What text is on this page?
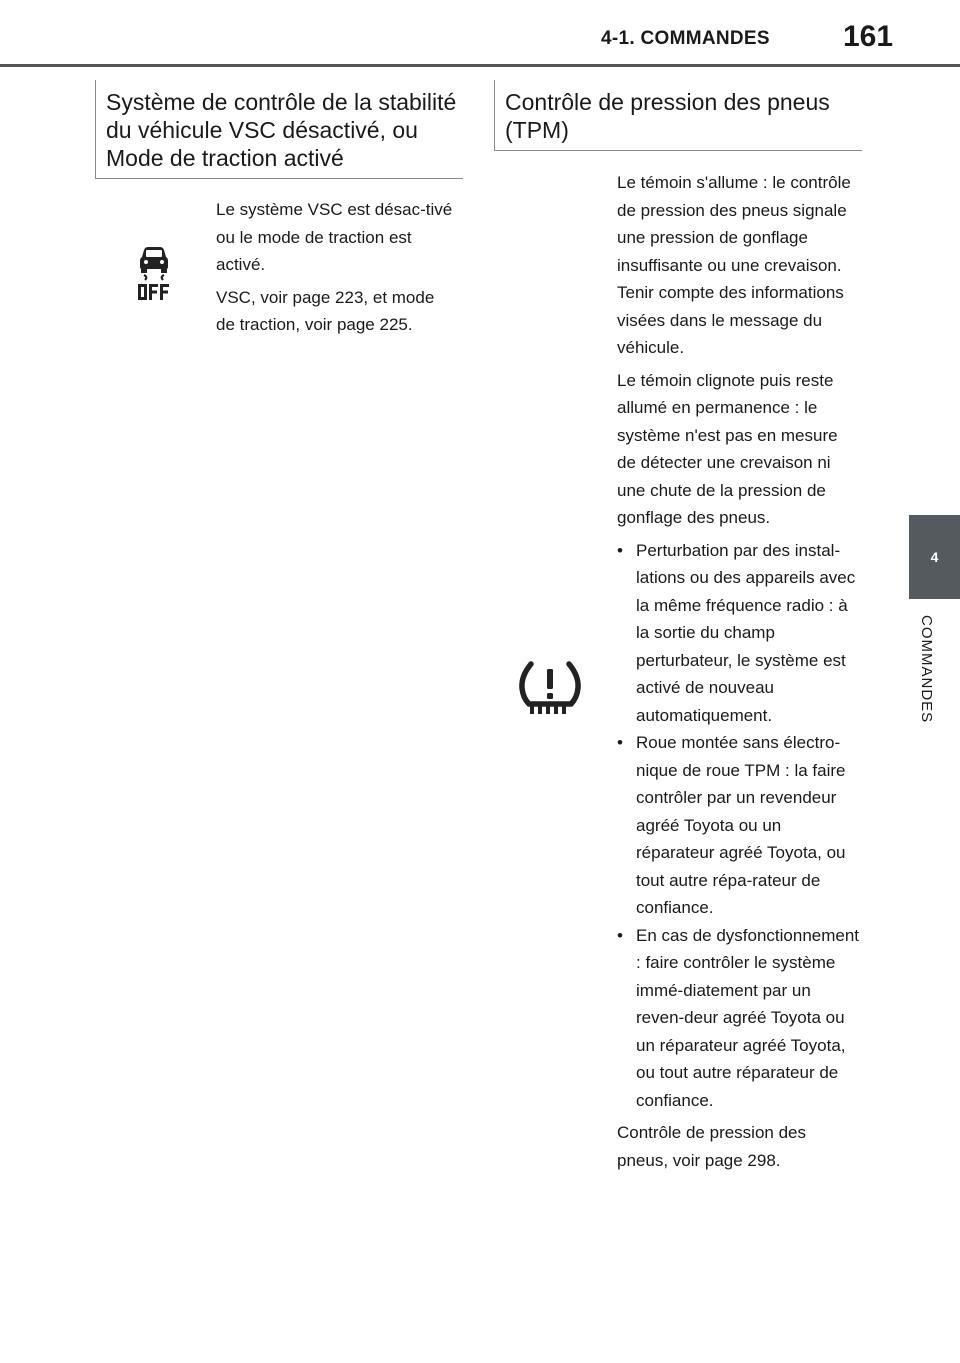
4-1. COMMANDES 161
4
COMMANDES
Système de contrôle de la stabilité du véhicule VSC désactivé, ou Mode de traction activé

Le système VSC est désac-tivé ou le mode de traction est activé.

VSC, voir page 223, et mode de traction, voir page 225.

Contrôle de pression des pneus (TPM)

Le témoin s'allume : le contrôle de pression des pneus signale une pression de gonflage insuffisante ou une crevaison. Tenir compte des informations visées dans le message du véhicule.

Le témoin clignote puis reste allumé en permanence : le système n'est pas en mesure de détecter une crevaison ni une chute de la pression de gonflage des pneus.

• Perturbation par des instal-lations ou des appareils avec la même fréquence radio : à la sortie du champ perturbateur, le système est activé de nouveau automatiquement.
• Roue montée sans électro-nique de roue TPM : la faire contrôler par un revendeur agréé Toyota ou un réparateur agréé Toyota, ou tout autre répa-rateur de confiance.
• En cas de dysfonctionnement : faire contrôler le système immé-diatement par un reven-deur agréé Toyota ou un réparateur agréé Toyota, ou tout autre réparateur de confiance.

Contrôle de pression des pneus, voir page 298.
